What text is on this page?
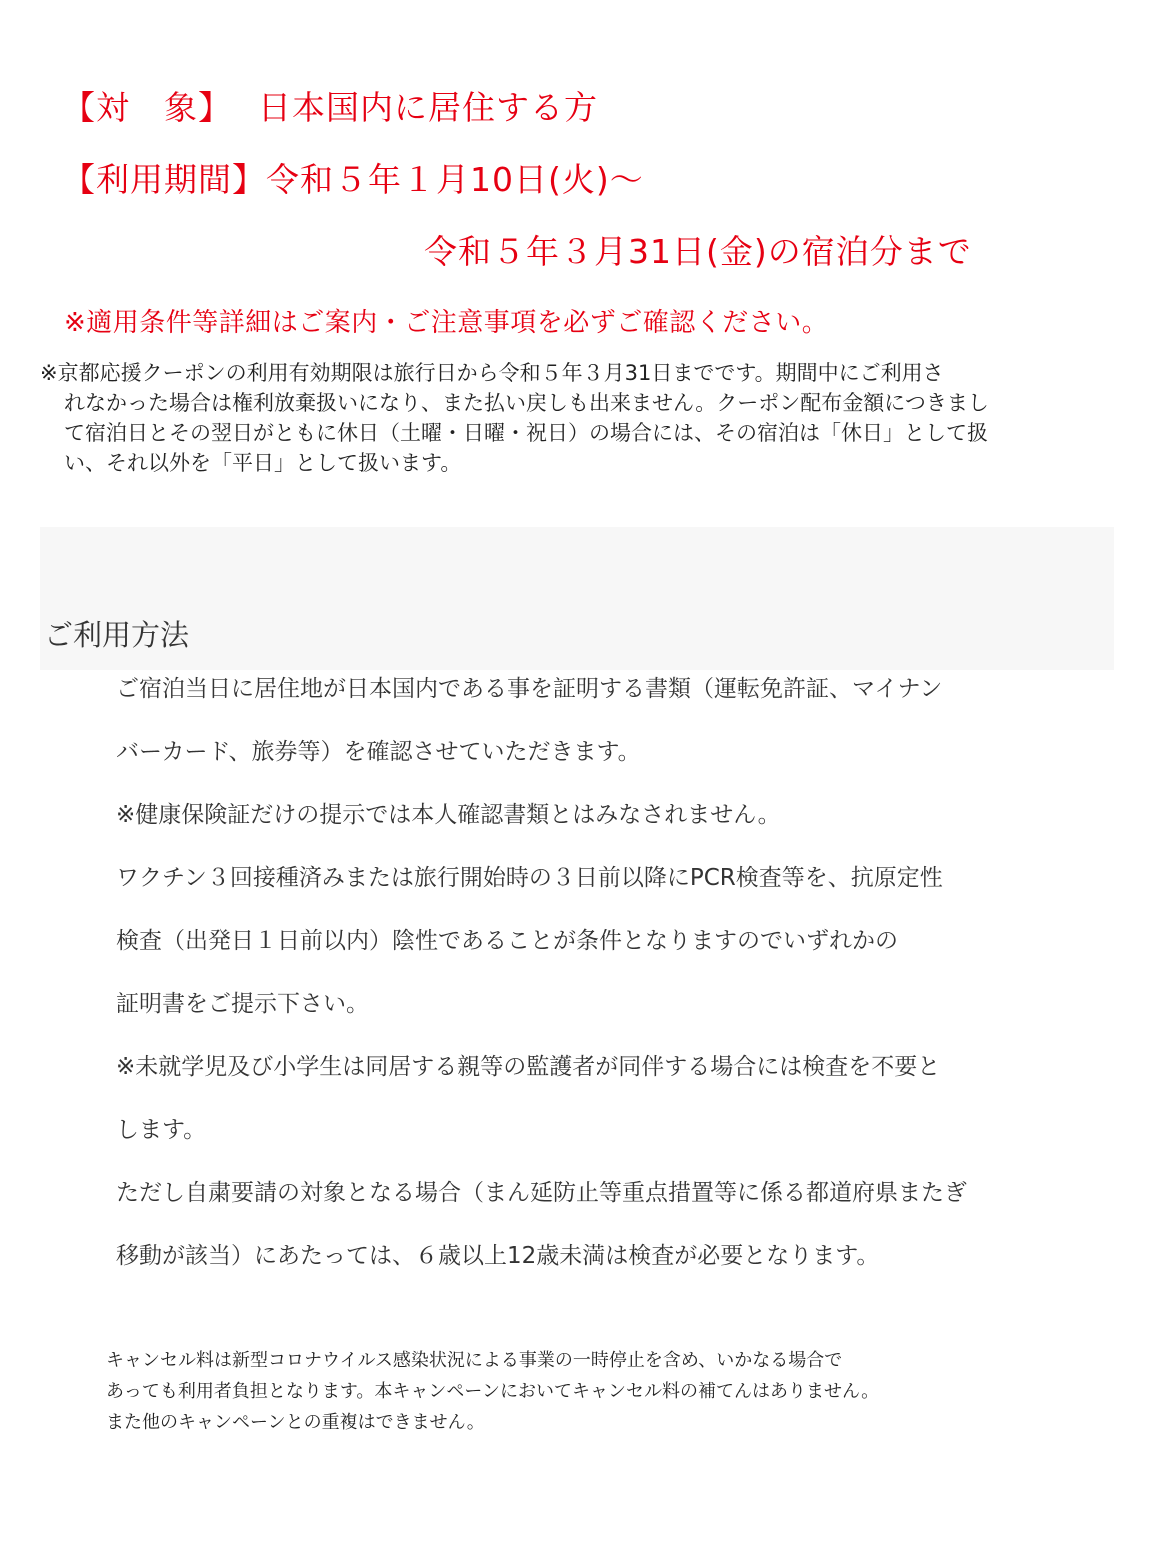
【対　象】 日本国内に居住する方
【利用期間】令和５年１月10日(火)～
令和５年３月31日(金)の宿泊分まで
※適用条件等詳細はご案内・ご注意事項を必ずご確認ください。
※京都応援クーポンの利用有効期限は旅行日から令和５年３月31日までです。期間中にご利用さ
れなかった場合は権利放棄扱いになり、また払い戻しも出来ません。クーポン配布金額につきまし
て宿泊日とその翌日がともに休日（土曜・日曜・祝日）の場合には、その宿泊は「休日」として扱
い、それ以外を「平日」として扱います。
ご利用方法
ご宿泊当日に居住地が日本国内である事を証明する書類（運転免許証、マイナン
バーカード、旅券等）を確認させていただきます。
※健康保険証だけの提示では本人確認書類とはみなされません。
ワクチン３回接種済みまたは旅行開始時の３日前以降にPCR検査等を、抗原定性
検査（出発日１日前以内）陰性であることが条件となりますのでいずれかの
証明書をご提示下さい。
※未就学児及び小学生は同居する親等の監護者が同伴する場合には検査を不要と
します。
ただし自粛要請の対象となる場合（まん延防止等重点措置等に係る都道府県またぎ
移動が該当）にあたっては、６歳以上12歳未満は検査が必要となります。
キャンセル料は新型コロナウイルス感染状況による事業の一時停止を含め、いかなる場合で
あっても利用者負担となります。本キャンペーンにおいてキャンセル料の補てんはありません。
また他のキャンペーンとの重複はできません。
